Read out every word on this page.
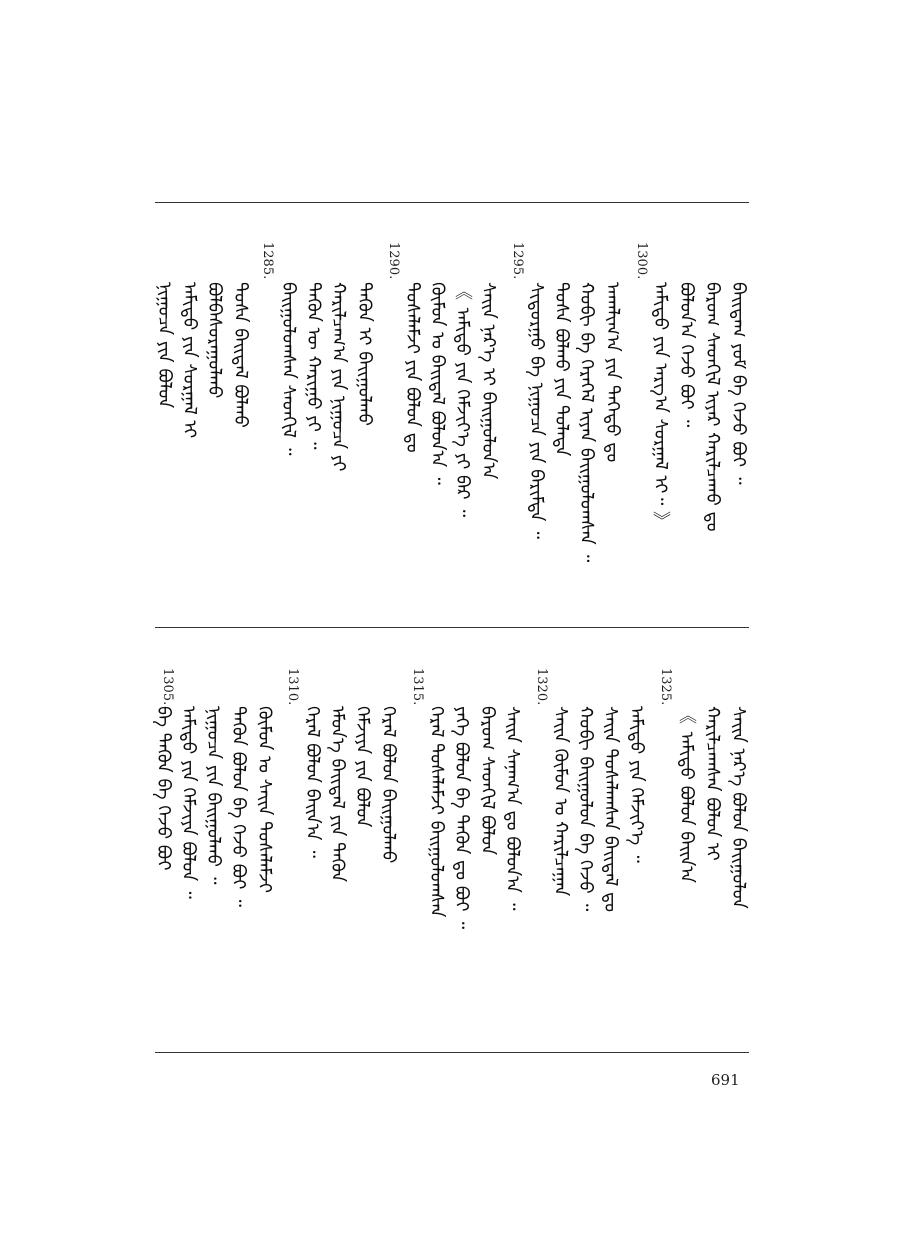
1300.
1295.
1290.
1285.
ᠪᠠᠢ᠌ᠳᠠᠭ ᠶᠤᠮ ᠪᠠ ᠭᠡᠵᠦ ᠪᠣᠢ ᠃
ᠪᠠᠷᠤᠭ ᠰᠡᠳᠬᠢᠯ ᠢᠶᠡᠷ ᠬᠠᠷᠢᠯᠴᠠᠬᠤ ᠳᠤ
ᠪᠣᠯᠤᠨ᠎ᠠ ᠭᠡᠵᠦ ᠪᠣᠢ ᠃
ᠠᠮᠢᠳᠤ ᠶᠢᠨ ᠠᠷᠭ᠎ᠠ ᠰᠤᠷᠭᠠᠯ ᠢ᠃ 》
ᠠᠬᠠᠯᠢᠭ᠎ᠠ ᠶᠢᠨ ᠳᠡᠭᠡᠳᠦ ᠳᠤ
ᠬᠤᠪᠢ ᠪᠠ ᠭᠡᠷᠡᠭᠡᠯ ᠢᠶᠡᠨ ᠪᠠᠢᠭᠤᠯᠤᠭᠰᠠᠨ ᠃
ᠲᠤᠰᠠ ᠪᠣᠯᠬᠤ ᠶᠢᠨ ᠲᠤᠯᠠᠳᠠ
ᠰᠢᠳᠤᠷᠭᠤ ᠪᠠ ᠨᠢᠭᠤᠴᠠ ᠶᠢᠨ ᠪᠠᠷᠢᠮᠲᠠ ᠃
ᠰᠠᠢ᠌ᠨ ᠨᠡᠷ᠎ᠡ ᠢ ᠪᠠᠢᠭᠤᠯᠤᠨ᠎ᠠ
《 ᠠᠮᠢᠳᠤ ᠶᠢᠨ ᠬᠡᠮᠵᠢᠶ᠎ᠡ ᠶᠢ ᠪᠡᠷ ᠃
ᠬᠦᠮᠦᠨ ᠤ ᠪᠠᠢᠳᠠᠯ ᠪᠣᠯᠤᠨ᠎ᠠ ᠃
ᠲᠤᠰᠠᠯᠠᠮᠵᠢ ᠶᠢᠨ ᠪᠣᠯᠤᠨ ᠳᠤ
ᠲᠡᠭᠦᠨ ᠢ ᠪᠠᠢᠭᠤᠯᠬᠤ
ᠬᠠᠷᠢᠯᠴᠠᠭ᠎ᠠ ᠶᠢᠨ ᠨᠢᠭᠤᠴᠠ ᠶᠢ
ᠲᠡᠭᠦᠨ ᠦ ᠬᠠᠷᠢᠭᠤ ᠶᠢ ᠃
ᠪᠠᠢᠭᠤᠯᠤᠭᠰᠠᠨ ᠰᠡᠳᠬᠢᠯ ᠃
ᠲᠤᠰᠠ ᠪᠠᠢᠳᠠᠯ ᠪᠣᠯᠬᠤ
ᠪᠣᠯᠪᠠᠰᠤᠷᠠᠭᠤᠯᠬᠤ
ᠠᠮᠢᠳᠤ ᠶᠢᠨ ᠰᠤᠷᠭᠠᠯ ᠢ
ᠨᠢᠭᠤᠴᠠ ᠶᠢᠨ ᠪᠣᠯᠤᠨ
1325.
1320.
1315.
1310.
1305.
ᠰᠠᠢ᠌ᠨ ᠨᠡᠷ᠎ᠡ ᠪᠣᠯᠤᠨ ᠪᠠᠢᠭᠤᠯᠤᠨ
ᠬᠠᠷᠢᠯᠴᠠᠭᠰᠠᠨ ᠪᠣᠯᠤᠨ ᠢ
《 ᠠᠮᠢᠳᠤ ᠪᠣᠯᠤᠨ ᠪᠠᠢᠨ᠎ᠠ
ᠠᠮᠢᠳᠤ ᠶᠢᠨ ᠬᠡᠮᠵᠢᠶ᠎ᠡ ᠃
ᠰᠠᠢ᠌ᠨ ᠲᠤᠰᠠᠯᠠᠭᠰᠠᠨ ᠪᠠᠢᠳᠠᠯ ᠳᠤ
ᠬᠤᠪᠢ ᠪᠠᠢᠭᠤᠯᠤᠨ ᠪᠠ ᠭᠡᠵᠦ ᠃
ᠰᠠᠢ᠌ᠨ ᠬᠦᠮᠦᠨ ᠤ ᠬᠠᠷᠢᠯᠴᠠᠭᠠᠨ
ᠰᠠᠢ᠌ᠨ ᠰᠠᠨᠠᠭ᠎ᠠ ᠳᠤ ᠪᠣᠯᠤᠨ᠎ᠠ ᠃
ᠪᠠᠷᠤᠭ ᠰᠡᠳᠬᠢᠯ ᠪᠣᠯᠤᠨ
ᠶᠡᠬᠡ ᠪᠣᠯᠤᠨ ᠪᠠ ᠲᠡᠭᠦᠨ ᠳᠤ ᠪᠣᠢ ᠃
ᠭᠡᠷᠡᠯ ᠲᠤᠰᠠᠯᠠᠮᠵᠢ ᠪᠠᠢᠭᠤᠯᠤᠭᠰᠠᠨ
ᠭᠡᠷᠡᠯ ᠪᠣᠯᠤᠨ ᠪᠠᠢᠭᠤᠯᠬᠤ
ᠬᠡᠮᠵᠢᠶᠡ ᠶᠢᠨ ᠪᠣᠯᠤᠨ
ᠡᠮᠦᠨ᠎ᠡ ᠪᠠᠢᠳᠠᠯ ᠶᠢᠨ ᠲᠡᠭᠦᠨ
ᠭᠡᠷᠡᠯ ᠪᠣᠯᠤᠨ ᠪᠠᠢᠨ᠎ᠠ ᠃
ᠬᠦᠮᠦᠨ ᠤ ᠰᠠᠢ᠌ᠨ ᠲᠤᠰᠠᠯᠠᠮᠵᠢ
ᠲᠡᠭᠦᠨ ᠪᠣᠯᠤᠨ ᠪᠠ ᠭᠡᠵᠦ ᠪᠣᠢ ᠃
ᠨᠢᠭᠤᠴᠠ ᠶᠢᠨ ᠪᠠᠢᠭᠤᠯᠬᠤ ᠃
ᠠᠮᠢᠳᠤ ᠶᠢᠨ ᠬᠡᠮᠵᠢᠶᠡ ᠪᠣᠯᠤᠨ ᠃
ᠪᠠ ᠲᠡᠭᠦᠨ ᠪᠠ ᠭᠡᠵᠦ ᠪᠣᠢ
691
